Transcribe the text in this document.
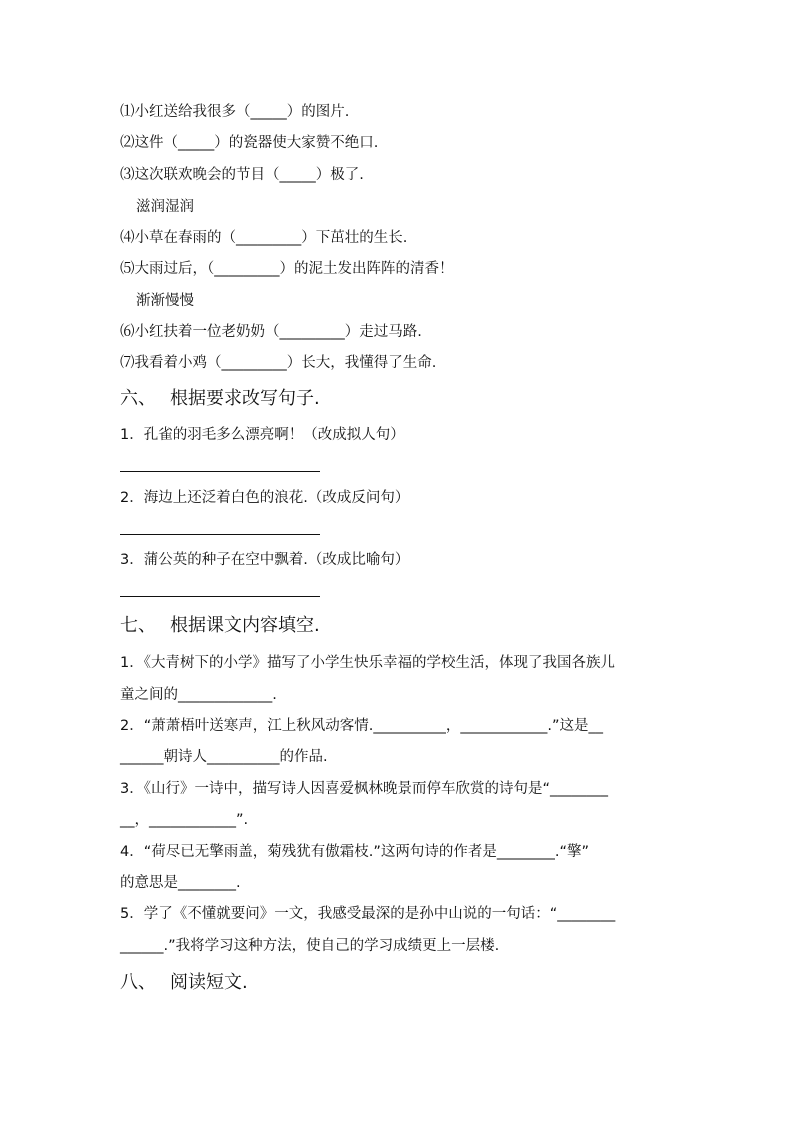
⑴小红送给我很多（_____）的图片.
⑵这件（_____）的瓷器使大家赞不绝口.
⑶这次联欢晚会的节目（_____）极了.
滋润湿润
⑷小草在春雨的（_________）下茁壮的生长.
⑸大雨过后，（_________）的泥土发出阵阵的清香！
渐渐慢慢
⑹小红扶着一位老奶奶（_________）走过马路.
⑺我看着小鸡（_________）长大，我懂得了生命.
六、 根据要求改写句子.
1．孔雀的羽毛多么漂亮啊！（改成拟人句）
2．海边上还泛着白色的浪花.（改成反问句）
3．蒲公英的种子在空中飘着.（改成比喻句）
七、 根据课文内容填空.
1．《大青树下的小学》描写了小学生快乐幸福的学校生活，体现了我国各族儿
童之间的_____________.
2．“萧萧梧叶送寒声，江上秋风动客情.__________，____________.”这是__
______朝诗人__________的作品.
3．《山行》一诗中，描写诗人因喜爱枫林晚景而停车欣赏的诗句是“________
__，____________”.
4．“荷尽已无擎雨盖，菊残犹有傲霜枝.”这两句诗的作者是________.“擎”
的意思是________.
5．学了《不懂就要问》一文，我感受最深的是孙中山说的一句话：“________
______.”我将学习这种方法，使自己的学习成绩更上一层楼.
八、 阅读短文.
